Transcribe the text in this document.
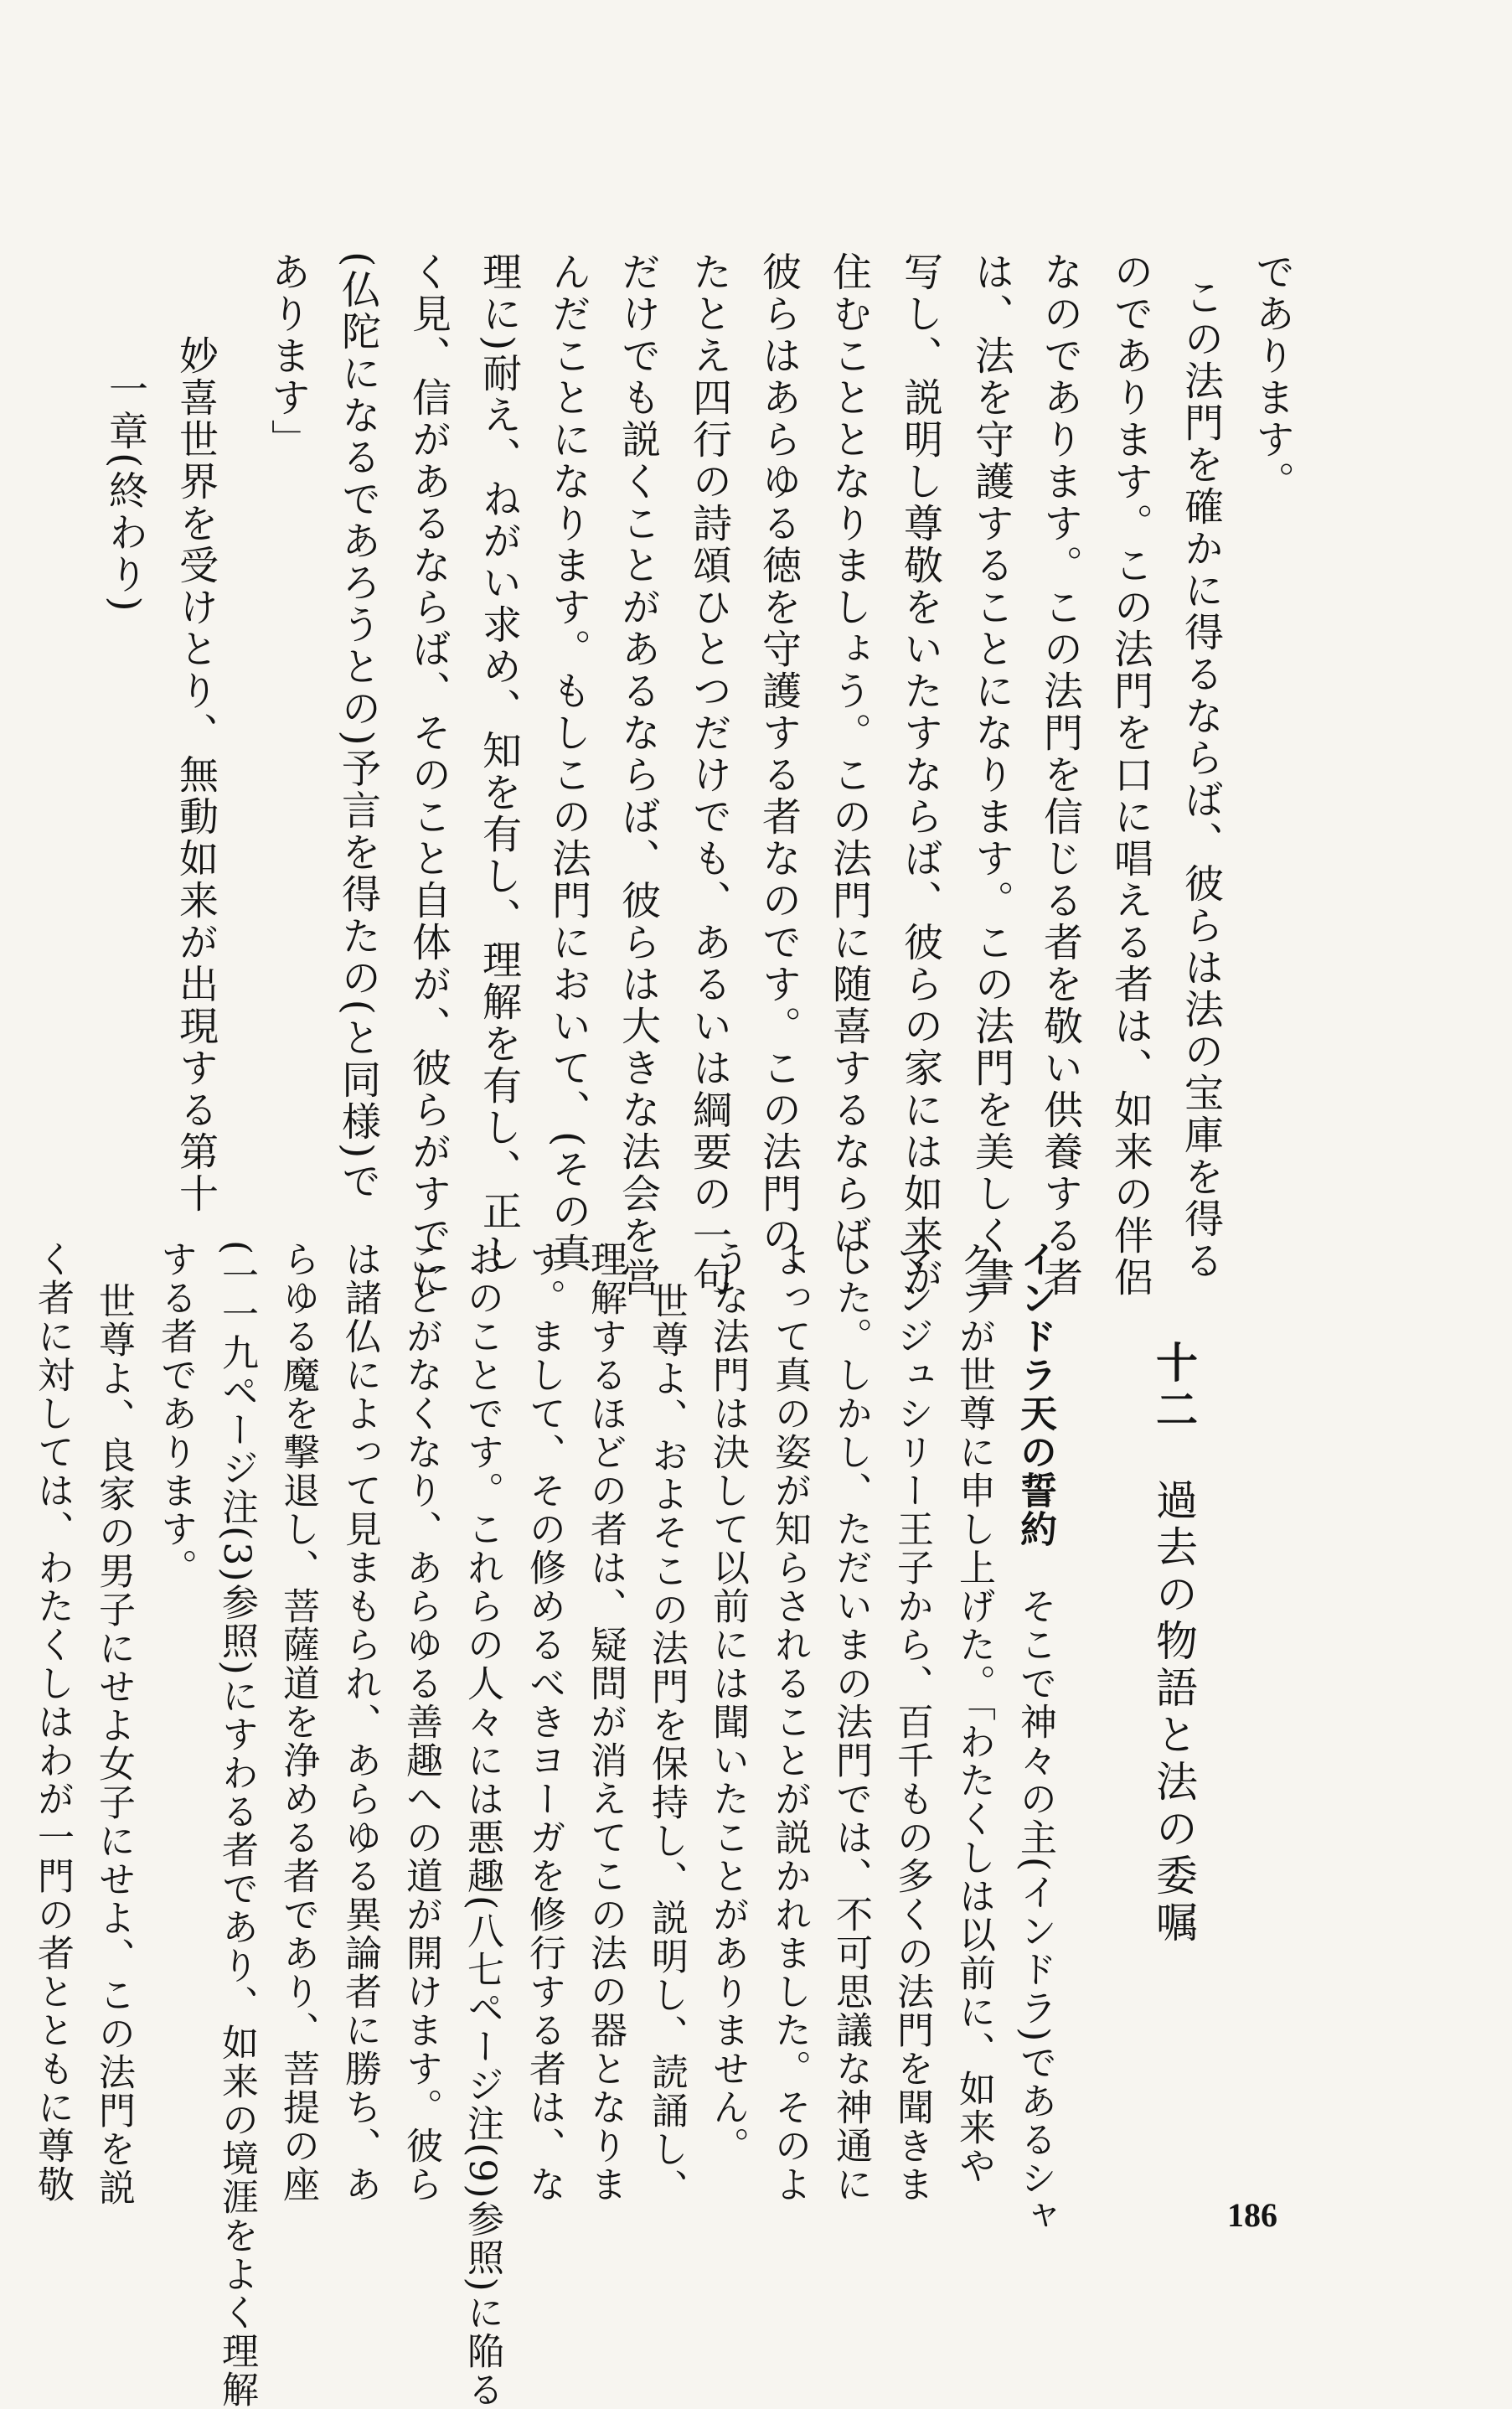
であります。
この法門を確かに得るならば、彼らは法の宝庫を得る
のであります。この法門を口に唱える者は、如来の伴侶
なのであります。この法門を信じる者を敬い供養する者
は、法を守護することになります。この法門を美しく書
写し、説明し尊敬をいたすならば、彼らの家には如来が
住むこととなりましょう。この法門に随喜するならば、
彼らはあらゆる徳を守護する者なのです。この法門の、
たとえ四行の詩頌ひとつだけでも、あるいは綱要の一句
だけでも説くことがあるならば、彼らは大きな法会を営
んだことになります。もしこの法門において、(その真
理に)耐え、ねがい求め、知を有し、理解を有し、正し
く見、信があるならば、そのこと自体が、彼らがすでに
(仏陀になるであろうとの)予言を得たの(と同様)で
あります」
妙喜世界を受けとり、無動如来が出現する第十
一章(終わり)
十二 過去の物語と法の委嘱
インドラ天の誓約　そこで神々の主(インドラ)であるシャ
クラが世尊に申し上げた。「わたくしは以前に、如来や
マンジュシリー王子から、百千もの多くの法門を聞きま
した。しかし、ただいまの法門では、不可思議な神通に
よって真の姿が知らされることが説かれました。そのよ
うな法門は決して以前には聞いたことがありません。
世尊よ、およそこの法門を保持し、説明し、読誦し、
理解するほどの者は、疑問が消えてこの法の器となりま
す。まして、その修めるべきヨーガを修行する者は、な
おのことです。これらの人々には悪趣(八七ページ注(9)参照)に陥る
ことがなくなり、あらゆる善趣への道が開けます。彼ら
は諸仏によって見まもられ、あらゆる異論者に勝ち、あ
らゆる魔を撃退し、菩薩道を浄める者であり、菩提の座
(一一九ページ注(3)参照)にすわる者であり、如来の境涯をよく理解
する者であります。
世尊よ、良家の男子にせよ女子にせよ、この法門を説
く者に対しては、わたくしはわが一門の者とともに尊敬
186
